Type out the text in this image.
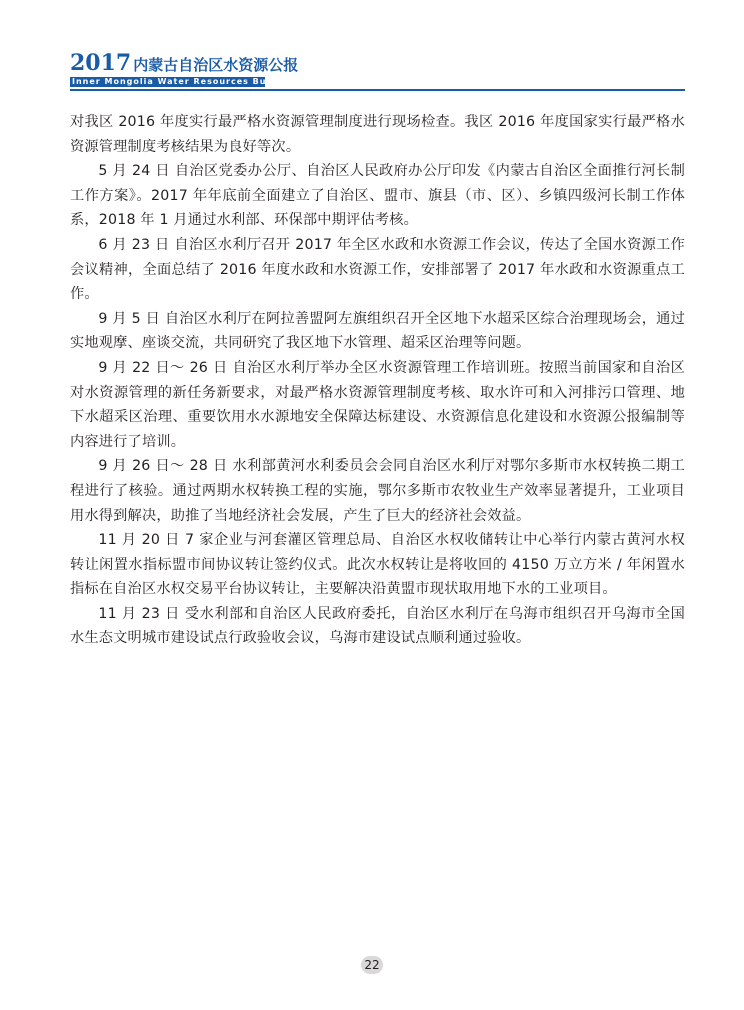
2017 内蒙古自治区水资源公报
Inner Mongolia Water Resources Bulletin

对我区 2016 年度实行最严格水资源管理制度进行现场检查。我区 2016 年度国家实行最严格水资源管理制度考核结果为良好等次。

5 月 24 日 自治区党委办公厅、自治区人民政府办公厅印发《内蒙古自治区全面推行河长制工作方案》。2017 年年底前全面建立了自治区、盟市、旗县（市、区）、乡镇四级河长制工作体系，2018 年 1 月通过水利部、环保部中期评估考核。

6 月 23 日 自治区水利厅召开 2017 年全区水政和水资源工作会议，传达了全国水资源工作会议精神，全面总结了 2016 年度水政和水资源工作，安排部署了 2017 年水政和水资源重点工作。

9 月 5 日 自治区水利厅在阿拉善盟阿左旗组织召开全区地下水超采区综合治理现场会，通过实地观摩、座谈交流，共同研究了我区地下水管理、超采区治理等问题。

9 月 22 日～ 26 日 自治区水利厅举办全区水资源管理工作培训班。按照当前国家和自治区对水资源管理的新任务新要求，对最严格水资源管理制度考核、取水许可和入河排污口管理、地下水超采区治理、重要饮用水水源地安全保障达标建设、水资源信息化建设和水资源公报编制等内容进行了培训。

9 月 26 日～ 28 日 水利部黄河水利委员会会同自治区水利厅对鄂尔多斯市水权转换二期工程进行了核验。通过两期水权转换工程的实施，鄂尔多斯市农牧业生产效率显著提升，工业项目用水得到解决，助推了当地经济社会发展，产生了巨大的经济社会效益。

11 月 20 日 7 家企业与河套灌区管理总局、自治区水权收储转让中心举行内蒙古黄河水权转让闲置水指标盟市间协议转让签约仪式。此次水权转让是将收回的 4150 万立方米 / 年闲置水指标在自治区水权交易平台协议转让，主要解决沿黄盟市现状取用地下水的工业项目。

11 月 23 日 受水利部和自治区人民政府委托，自治区水利厅在乌海市组织召开乌海市全国水生态文明城市建设试点行政验收会议，乌海市建设试点顺利通过验收。

22
